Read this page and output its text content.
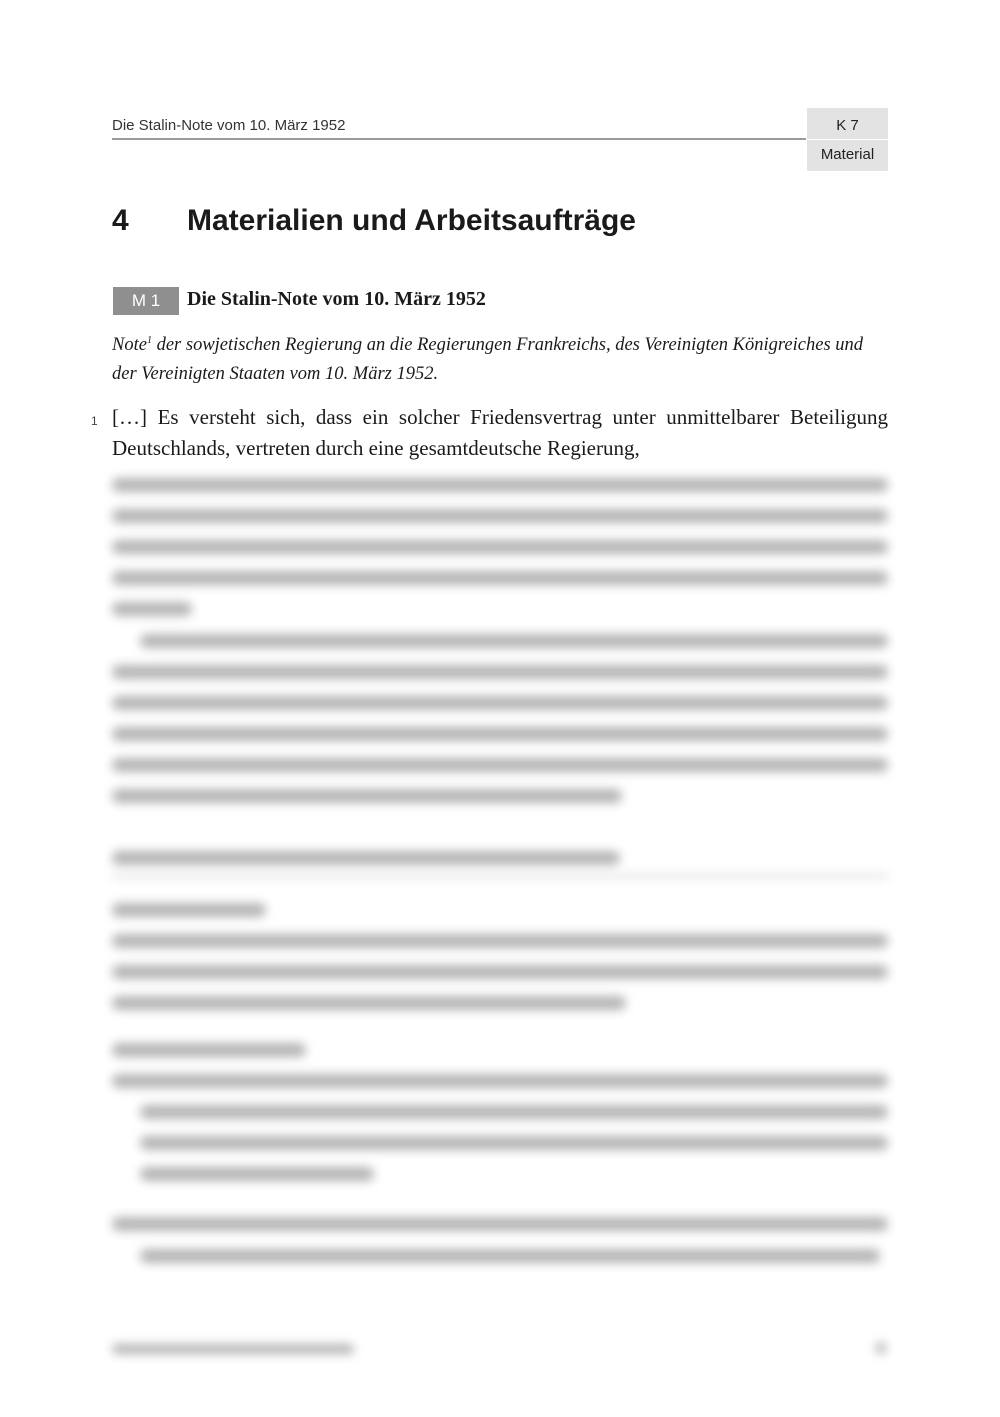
Die Stalin-Note vom 10. März 1952	K 7
Material
4 Materialien und Arbeitsaufträge
M 1	Die Stalin-Note vom 10. März 1952
Note$^1$ der sowjetischen Regierung an die Regierungen Frankreichs, des Vereinigten Königreiches und der Vereinigten Staaten vom 10. März 1952.
1 […] Es versteht sich, dass ein solcher Friedensvertrag unter unmittelbarer Beteiligung Deutschlands, vertreten durch eine gesamtdeutsche Regierung,
